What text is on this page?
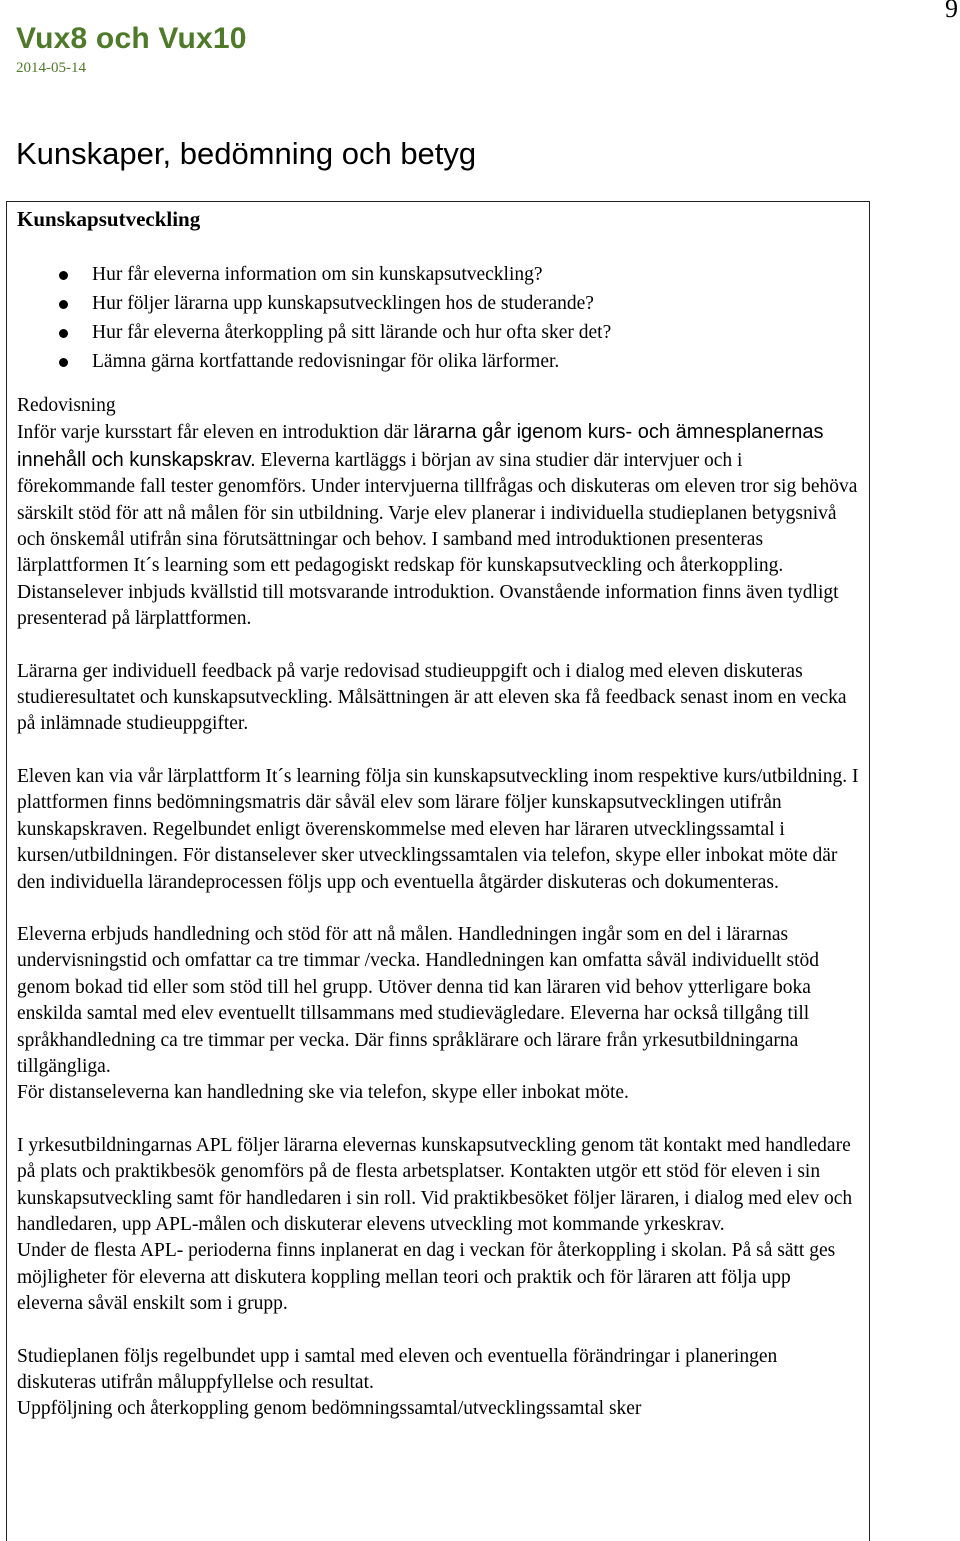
Vux8 och Vux10
2014-05-14
9
Kunskaper, bedömning och betyg
Kunskapsutveckling
Hur får eleverna information om sin kunskapsutveckling?
Hur följer lärarna upp kunskapsutvecklingen hos de studerande?
Hur får eleverna återkoppling på sitt lärande och hur ofta sker det?
Lämna gärna kortfattande redovisningar för olika lärformer.

Redovisning
Inför varje kursstart får eleven en introduktion där lärarna går igenom kurs- och ämnesplanernas innehåll och kunskapskrav. Eleverna kartläggs i början av sina studier där intervjuer och i förekommande fall tester genomförs. Under intervjuerna tillfrågas och diskuteras om eleven tror sig behöva särskilt stöd för att nå målen för sin utbildning. Varje elev planerar i individuella studieplanen betygsnivå och önskemål utifrån sina förutsättningar och behov. I samband med introduktionen presenteras lärplattformen It´s learning som ett pedagogiskt redskap för kunskapsutveckling och återkoppling. Distanselever inbjuds kvällstid till motsvarande introduktion. Ovanstående information finns även tydligt presenterad på lärplattformen.

Lärarna ger individuell feedback på varje redovisad studieuppgift och i dialog med eleven diskuteras studieresultatet och kunskapsutveckling. Målsättningen är att eleven ska få feedback senast inom en vecka på inlämnade studieuppgifter.

Eleven kan via vår lärplattform It´s learning följa sin kunskapsutveckling inom respektive kurs/utbildning. I plattformen finns bedömningsmatris där såväl elev som lärare följer kunskapsutvecklingen utifrån kunskapskraven. Regelbundet enligt överenskommelse med eleven har läraren utvecklingssamtal i kursen/utbildningen. För distanselever sker utvecklingssamtalen via telefon, skype eller inbokat möte där den individuella lärandeprocessen följs upp och eventuella åtgärder diskuteras och dokumenteras.

Eleverna erbjuds handledning och stöd för att nå målen. Handledningen ingår som en del i lärarnas undervisningstid och omfattar ca tre timmar /vecka. Handledningen kan omfatta såväl individuellt stöd genom bokad tid eller som stöd till hel grupp. Utöver denna tid kan läraren vid behov ytterligare boka enskilda samtal med elev eventuellt tillsammans med studievägledare. Eleverna har också tillgång till språkhandledning ca tre timmar per vecka. Där finns språklärare och lärare från yrkesutbildningarna tillgängliga.
För distanseleverna kan handledning ske via telefon, skype eller inbokat möte.

I yrkesutbildningarnas APL följer lärarna elevernas kunskapsutveckling genom tät kontakt med handledare på plats och praktikbesök genomförs på de flesta arbetsplatser. Kontakten utgör ett stöd för eleven i sin kunskapsutveckling samt för handledaren i sin roll. Vid praktikbesöket följer läraren, i dialog med elev och handledaren, upp APL-målen och diskuterar elevens utveckling mot kommande yrkeskrav.
Under de flesta APL- perioderna finns inplanerat en dag i veckan för återkoppling i skolan. På så sätt ges möjligheter för eleverna att diskutera koppling mellan teori och praktik och för läraren att följa upp eleverna såväl enskilt som i grupp.

Studieplanen följs regelbundet upp i samtal med eleven och eventuella förändringar i planeringen diskuteras utifrån måluppfyllelse och resultat.
Uppföljning och återkoppling genom bedömningssamtal/utvecklingssamtal sker
